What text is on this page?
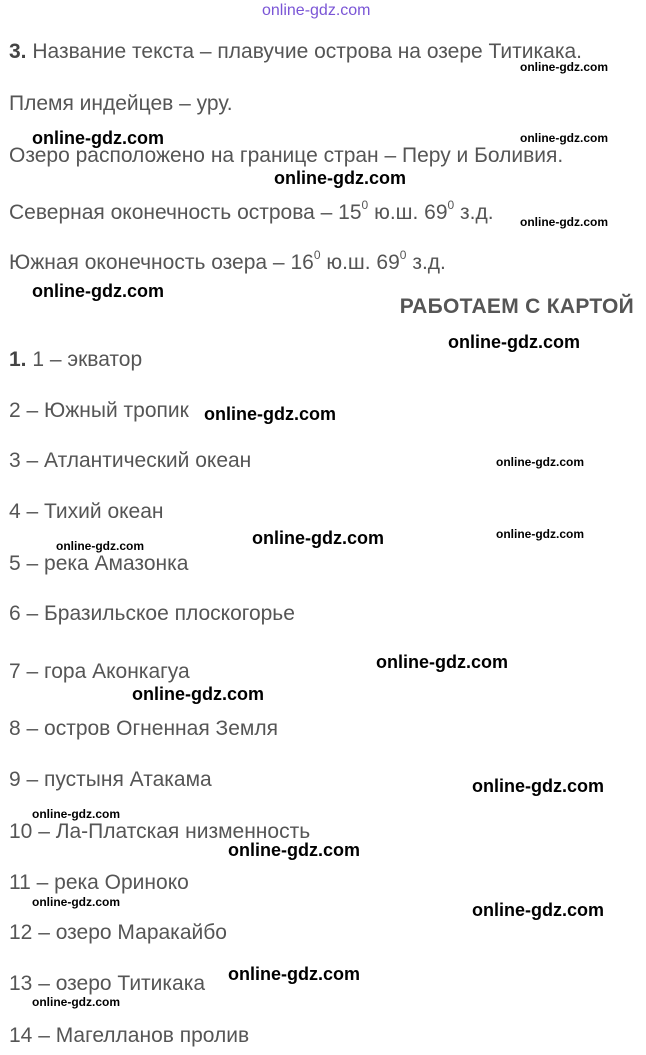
online-gdz.com
3. Название текста – плавучие острова на озере Титикака.
Племя индейцев – уру.
Озеро расположено на границе стран – Перу и Боливия.
Северная оконечность острова – $15^0$ ю.ш. $69^0$ з.д.
Южная оконечность озера – $16^0$ ю.ш. $69^0$ з.д.
РАБОТАЕМ С КАРТОЙ
1. 1 – экватор
2 – Южный тропик
3 – Атлантический океан
4 – Тихий океан
5 – река Амазонка
6 – Бразильское плоскогорье
7 – гора Аконкагуа
8 – остров Огненная Земля
9 – пустыня Атакама
10 – Ла-Платская низменность
11 – река Ориноко
12 – озеро Маракайбо
13 – озеро Титикака
14 – Магелланов пролив
online-gdz.com
online-gdz.com	online-gdz.com
online-gdz.com
online-gdz.com
online-gdz.com
online-gdz.com
online-gdz.com
online-gdz.com
online-gdz.com	online-gdz.com
online-gdz.com
online-gdz.com
online-gdz.com
online-gdz.com
online-gdz.com
online-gdz.com
online-gdz.com	online-gdz.com
online-gdz.com
online-gdz.com
